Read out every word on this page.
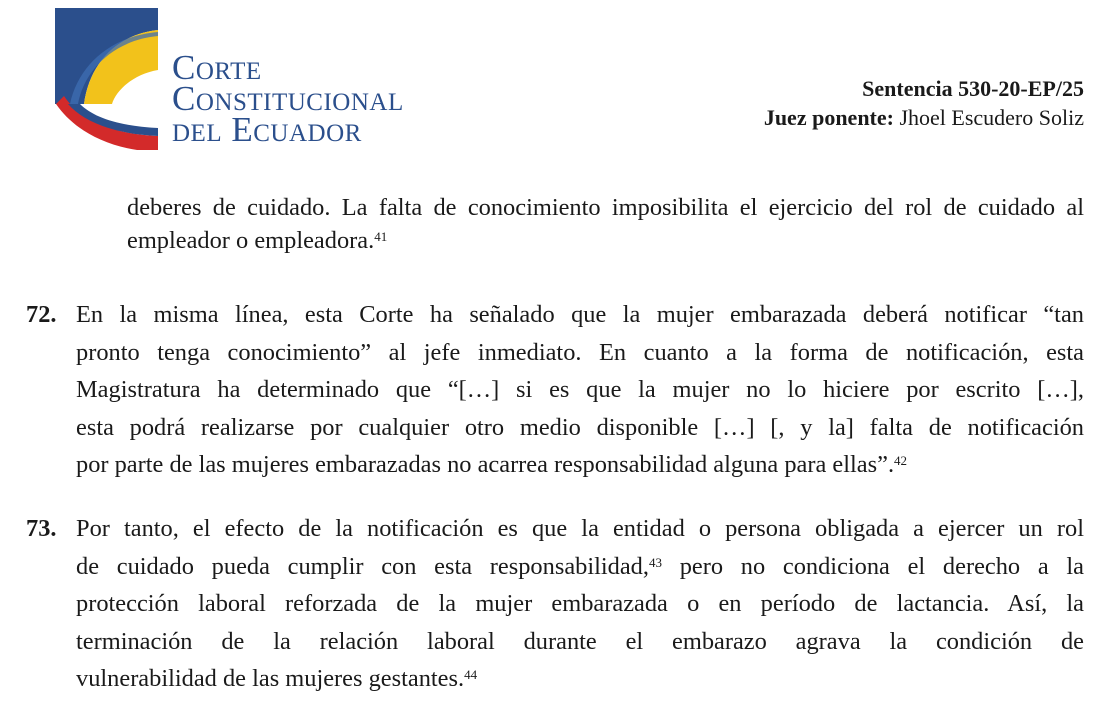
Corte
Constitucional
del Ecuador
Sentencia 530-20-EP/25
Juez ponente: Jhoel Escudero Soliz
deberes de cuidado. La falta de conocimiento imposibilita el ejercicio del rol de cuidado al
empleador o empleadora.$^{41}$
72. En la misma línea, esta Corte ha señalado que la mujer embarazada deberá notificar “tan
pronto tenga conocimiento” al jefe inmediato. En cuanto a la forma de notificación, esta
Magistratura ha determinado que “[…] si es que la mujer no lo hiciere por escrito […],
esta podrá realizarse por cualquier otro medio disponible […] [, y la] falta de notificación
por parte de las mujeres embarazadas no acarrea responsabilidad alguna para ellas”.$^{42}$
73. Por tanto, el efecto de la notificación es que la entidad o persona obligada a ejercer un rol
de cuidado pueda cumplir con esta responsabilidad,$^{43}$ pero no condiciona el derecho a la
protección laboral reforzada de la mujer embarazada o en período de lactancia. Así, la
terminación de la relación laboral durante el embarazo agrava la condición de
vulnerabilidad de las mujeres gestantes.$^{44}$
